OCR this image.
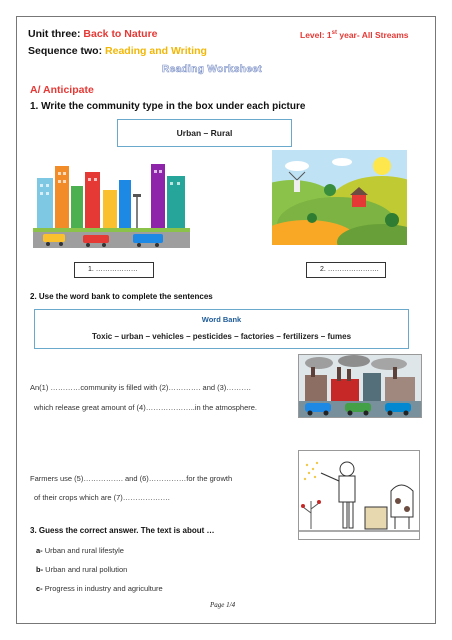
Unit three: Back to Nature	Level: 1st year- All Streams
Sequence two: Reading and Writing
Reading Worksheet
A/ Anticipate
1. Write the community type in the box under each picture
Urban – Rural
1. ………………	2. ………………….
2. Use the word bank to complete the sentences
Word Bank
Toxic – urban – vehicles – pesticides – factories – fertilizers – fumes
An(1) …………community is filled with (2)…………. and (3)……….
which release great amount of (4)………………..in the atmosphere.
Farmers use (5)……………. and (6)……………for the growth
of their crops which are (7)……………….
3. Guess the correct answer. The text is about …
a- Urban and rural lifestyle
b- Urban and rural pollution
c- Progress in industry and agriculture
Page 1/4
